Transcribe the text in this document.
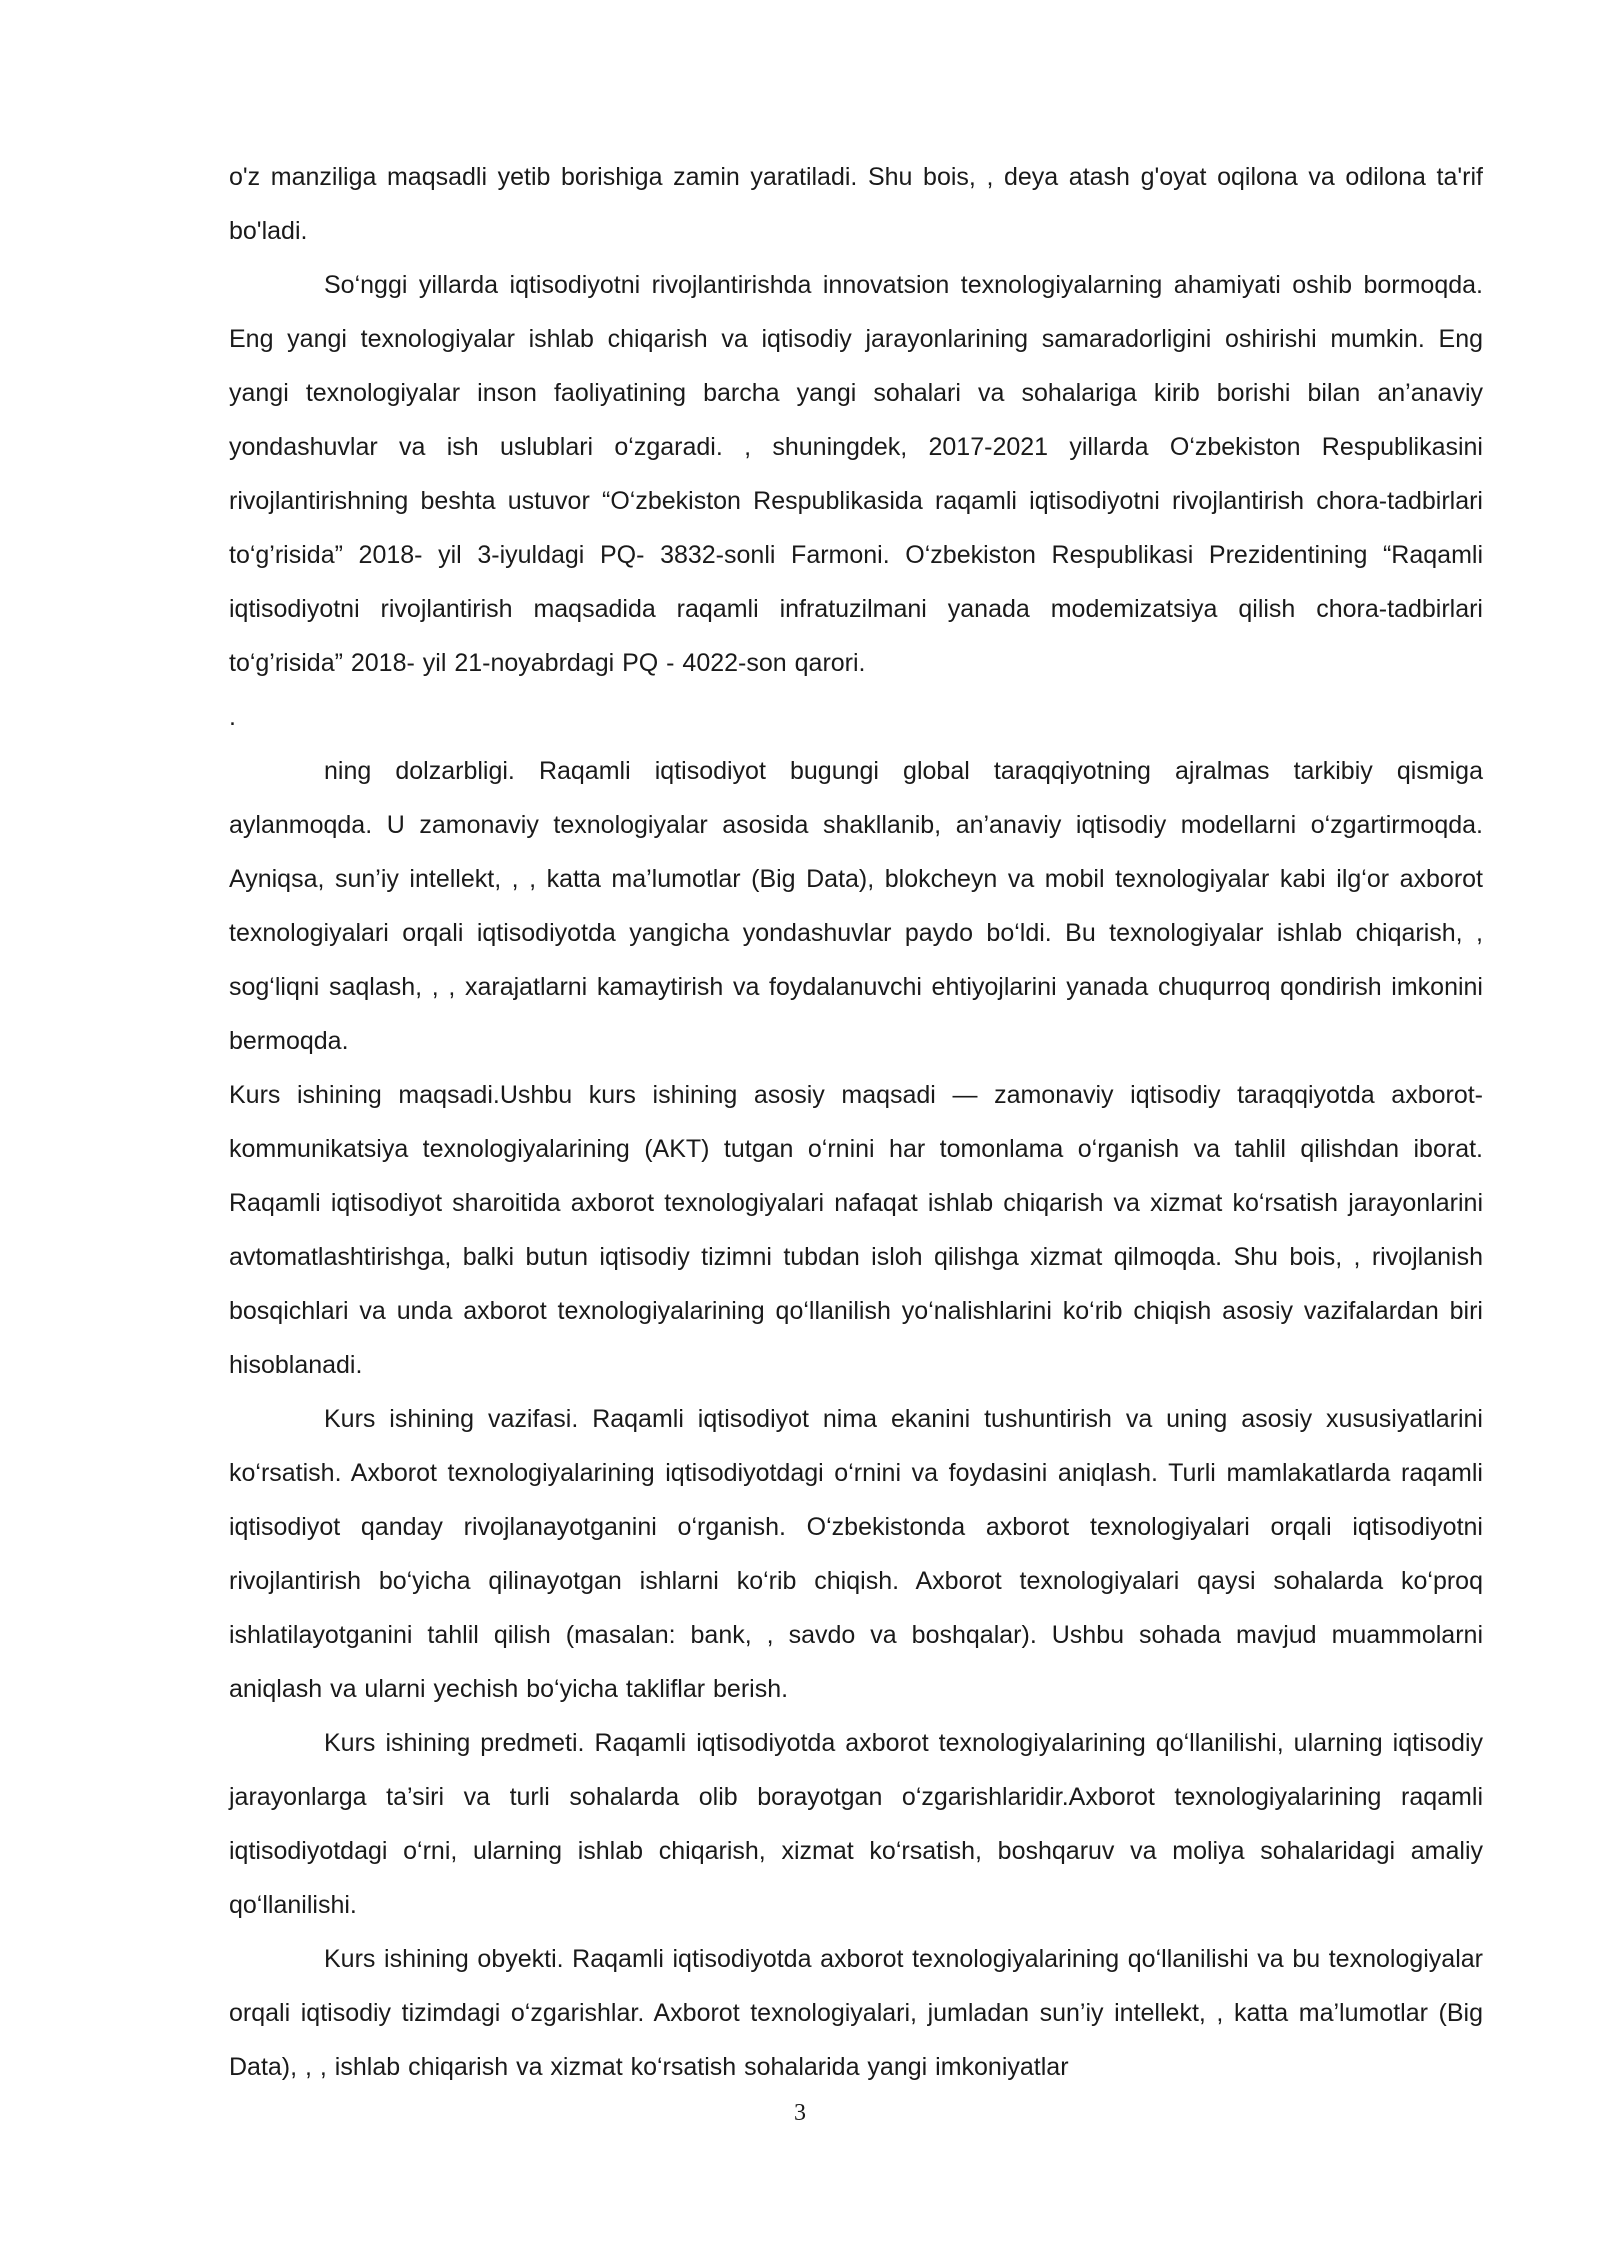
o'z manziliga maqsadli yetib borishiga zamin yaratiladi. Shu bois, , deya atash g'oyat oqilona va odilona ta'rif bo'ladi.

So‘nggi yillarda iqtisodiyotni rivojlantirishda innovatsion texnologiyalarning ahamiyati oshib bormoqda. Eng yangi texnologiyalar ishlab chiqarish va iqtisodiy jarayonlarining samaradorligini oshirishi mumkin. Eng yangi texnologiyalar inson faoliyatining barcha yangi sohalari va sohalariga kirib borishi bilan an’anaviy yondashuvlar va ish uslublari o‘zgaradi. , shuningdek, 2017-2021 yillarda O‘zbekiston Respublikasini rivojlantirishning beshta ustuvor “O‘zbekiston Respublikasida raqamli iqtisodiyotni rivojlantirish chora-tadbirlari to‘g’risida” 2018- yil 3-iyuldagi PQ- 3832-sonli Farmoni. O‘zbekiston Respublikasi Prezidentining “Raqamli iqtisodiyotni rivojlantirish maqsadida raqamli infratuzilmani yanada modemizatsiya qilish chora-tadbirlari to‘g’risida” 2018- yil 21-noyabrdagi PQ - 4022-son qarori.

.

ning dolzarbligi. Raqamli iqtisodiyot bugungi global taraqqiyotning ajralmas tarkibiy qismiga aylanmoqda. U zamonaviy texnologiyalar asosida shakllanib, an’anaviy iqtisodiy modellarni o‘zgartirmoqda. Ayniqsa, sun’iy intellekt, , , katta ma’lumotlar (Big Data), blokcheyn va mobil texnologiyalar kabi ilg‘or axborot texnologiyalari orqali iqtisodiyotda yangicha yondashuvlar paydo bo‘ldi. Bu texnologiyalar ishlab chiqarish, , sog‘liqni saqlash, , , xarajatlarni kamaytirish va foydalanuvchi ehtiyojlarini yanada chuqurroq qondirish imkonini bermoqda.

Kurs ishining maqsadi.Ushbu kurs ishining asosiy maqsadi — zamonaviy iqtisodiy taraqqiyotda axborot-kommunikatsiya texnologiyalarining (AKT) tutgan o‘rnini har tomonlama o‘rganish va tahlil qilishdan iborat. Raqamli iqtisodiyot sharoitida axborot texnologiyalari nafaqat ishlab chiqarish va xizmat ko‘rsatish jarayonlarini avtomatlashtirishga, balki butun iqtisodiy tizimni tubdan isloh qilishga xizmat qilmoqda. Shu bois, , rivojlanish bosqichlari va unda axborot texnologiyalarining qo‘llanilish yo‘nalishlarini ko‘rib chiqish asosiy vazifalardan biri hisoblanadi.

Kurs ishining vazifasi. Raqamli iqtisodiyot nima ekanini tushuntirish va uning asosiy xususiyatlarini ko‘rsatish. Axborot texnologiyalarining iqtisodiyotdagi o‘rnini va foydasini aniqlash. Turli mamlakatlarda raqamli iqtisodiyot qanday rivojlanayotganini o‘rganish. O‘zbekistonda axborot texnologiyalari orqali iqtisodiyotni rivojlantirish bo‘yicha qilinayotgan ishlarni ko‘rib chiqish. Axborot texnologiyalari qaysi sohalarda ko‘proq ishlatilayotganini tahlil qilish (masalan: bank, , savdo va boshqalar). Ushbu sohada mavjud muammolarni aniqlash va ularni yechish bo‘yicha takliflar berish.

Kurs ishining predmeti. Raqamli iqtisodiyotda axborot texnologiyalarining qo‘llanilishi, ularning iqtisodiy jarayonlarga ta’siri va turli sohalarda olib borayotgan o‘zgarishlaridir.Axborot texnologiyalarining raqamli iqtisodiyotdagi o‘rni, ularning ishlab chiqarish, xizmat ko‘rsatish, boshqaruv va moliya sohalaridagi amaliy qo‘llanilishi.

Kurs ishining obyekti. Raqamli iqtisodiyotda axborot texnologiyalarining qo‘llanilishi va bu texnologiyalar orqali iqtisodiy tizimdagi o‘zgarishlar. Axborot texnologiyalari, jumladan sun’iy intellekt, , katta ma’lumotlar (Big Data), , , ishlab chiqarish va xizmat ko‘rsatish sohalarida yangi imkoniyatlar

3
